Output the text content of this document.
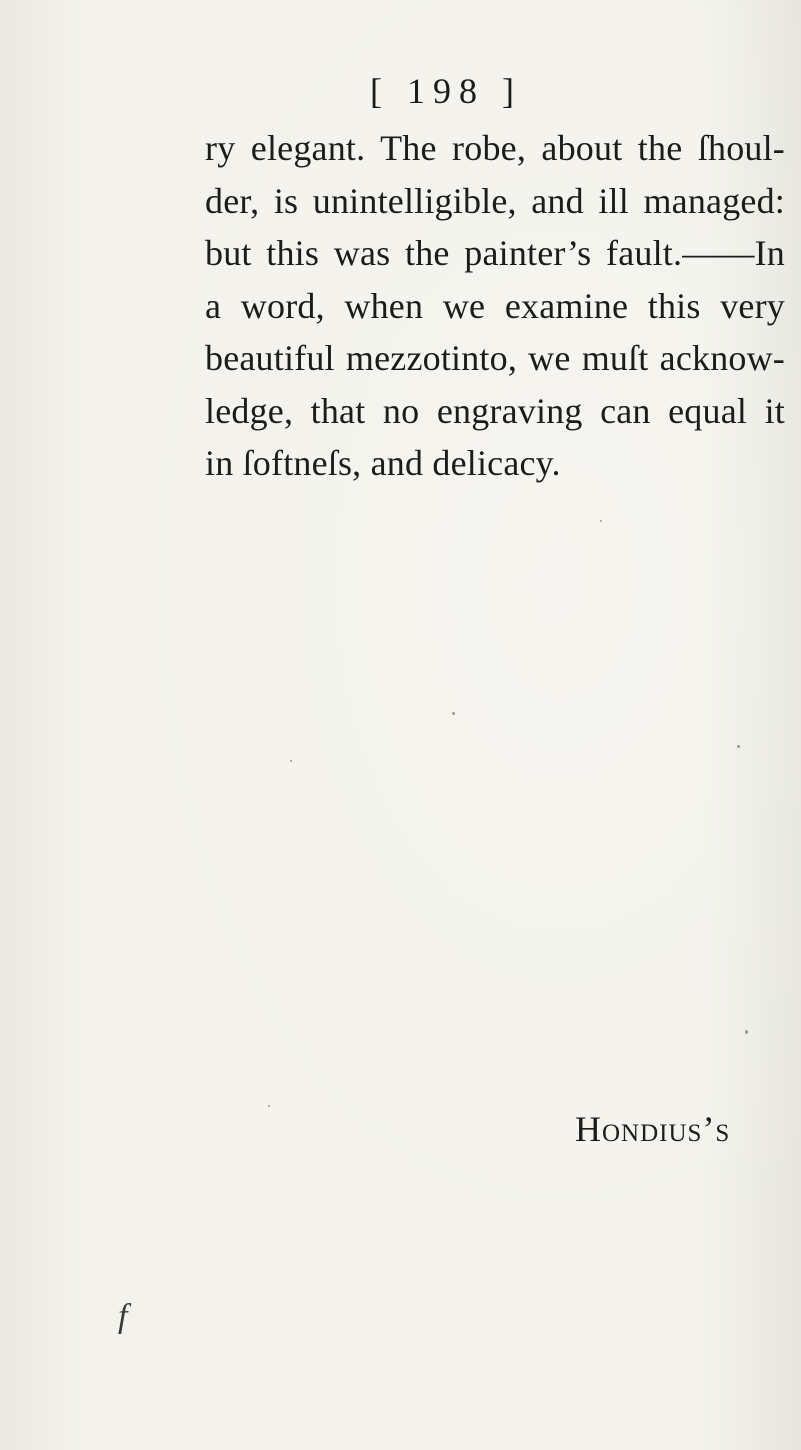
[ 198 ]
ry elegant. The robe, about the ſhoul-
der, is unintelligible, and ill managed:
but this was the painter’s fault.——In
a word, when we examine this very
beautiful mezzotinto, we muſt acknow-
ledge, that no engraving can equal it
in ſoftneſs, and delicacy.
Hondius’s
f
